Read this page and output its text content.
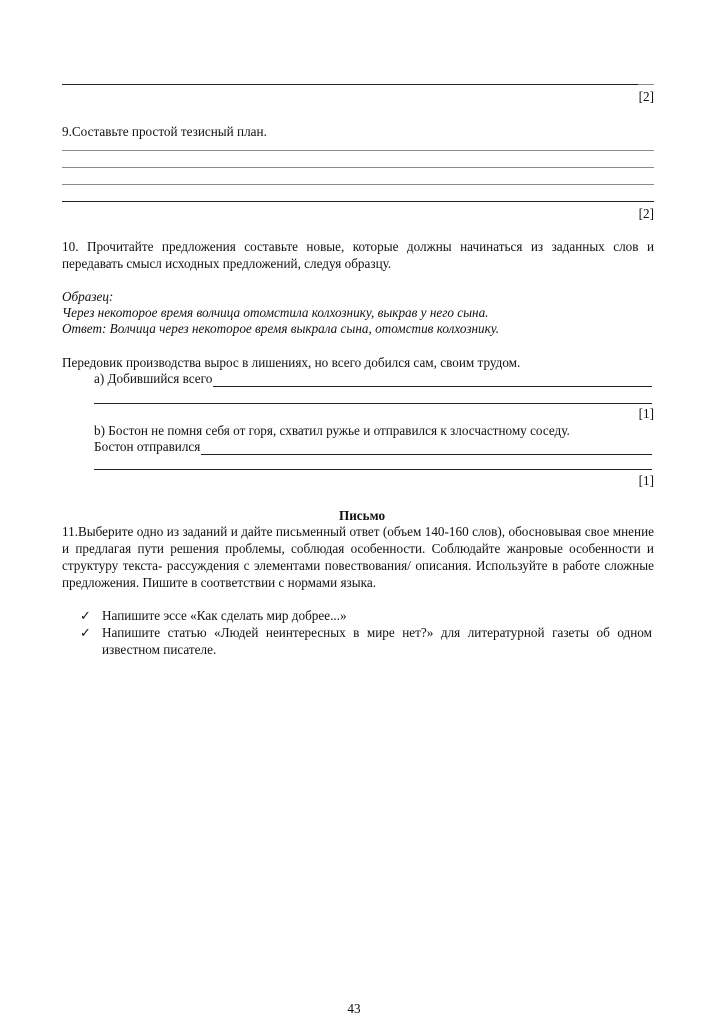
[2]
9.Составьте простой тезисный план.
[2]
10. Прочитайте предложения составьте новые, которые должны начинаться из заданных слов и передавать смысл исходных предложений, следуя образцу.
Образец:
Через некоторое время волчица отомстила колхознику, выкрав у него сына.
Ответ: Волчица через некоторое время выкрала сына, отомстив колхознику.
Передовик производства вырос в лишениях, но всего добился сам, своим трудом.
а) Добившийся всего
[1]
b) Бостон не помня себя от горя, схватил ружье и отправился к злосчастному соседу.
Бостон отправился
[1]
Письмо
11.Выберите одно из заданий и дайте письменный ответ (объем 140-160 слов), обосновывая свое мнение и предлагая пути решения проблемы, соблюдая особенности. Соблюдайте жанровые особенности и структуру текста- рассуждения с элементами повествования/ описания. Используйте в работе сложные предложения. Пишите в соответствии с нормами языка.
✓ Напишите эссе «Как сделать мир добрее...»
✓ Напишите статью «Людей неинтересных в мире нет?» для литературной газеты об одном известном писателе.
43
